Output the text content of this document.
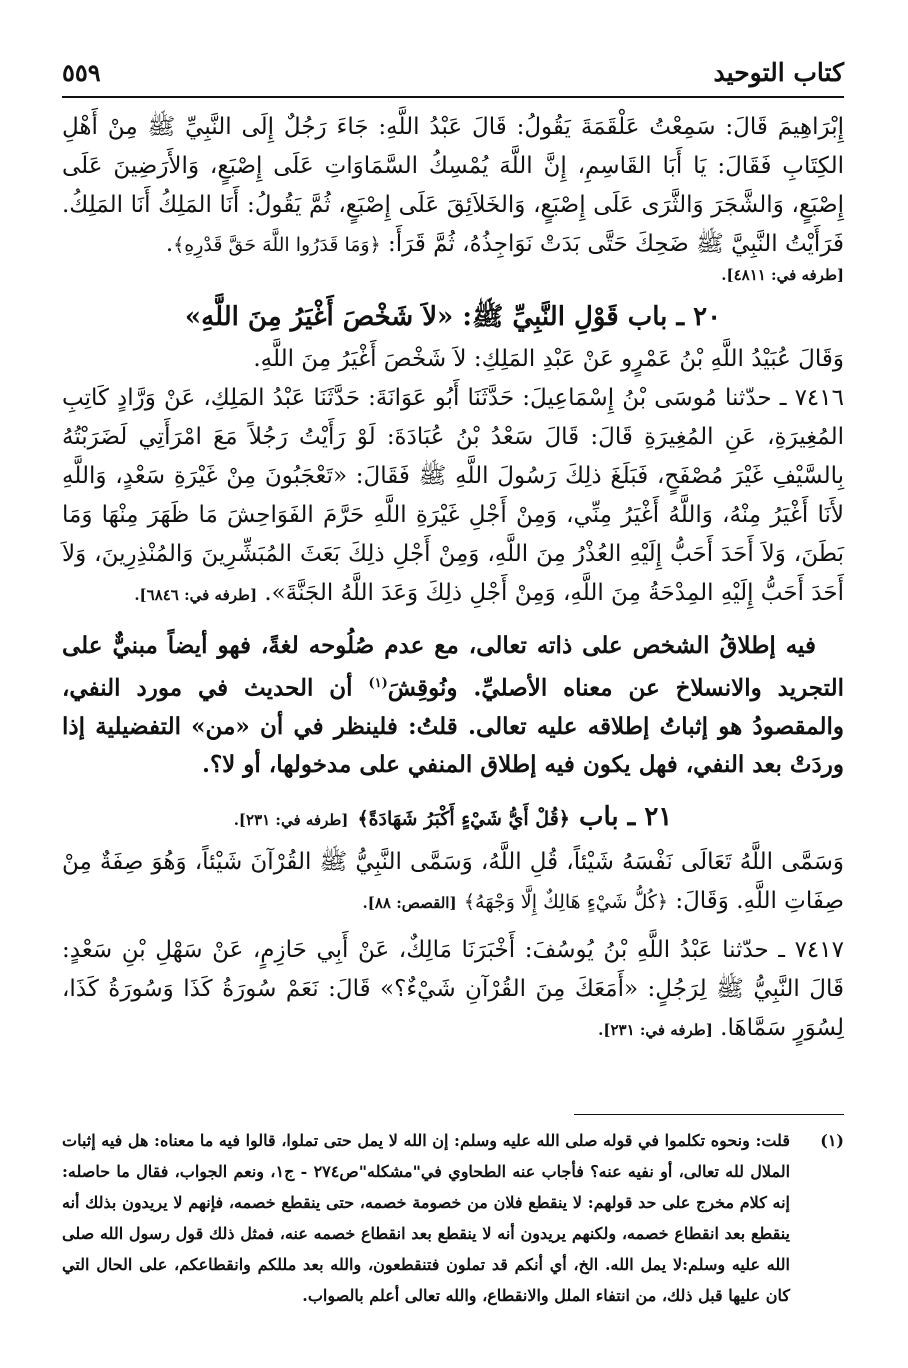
كتاب التوحيد
٥٥٩

إِبْرَاهِيمَ قَالَ: سَمِعْتُ عَلْقَمَةَ يَقُولُ: قَالَ عَبْدُ اللَّهِ: جَاءَ رَجُلٌ إِلَى النَّبِيِّ ﷺ مِنْ أَهْلِ الكِتَابِ فَقَالَ: يَا أَبَا القَاسِمِ، إِنَّ اللَّهَ يُمْسِكُ السَّمَاوَاتِ عَلَى إِصْبَعٍ، وَالأَرَضِينَ عَلَى إِصْبَعٍ، وَالشَّجَرَ وَالثَّرَى عَلَى إِصْبَعٍ، وَالخَلاَئِقَ عَلَى إِصْبَعٍ، ثُمَّ يَقُولُ: أَنَا المَلِكُ أَنَا المَلِكُ. فَرَأَيْتُ النَّبِيَّ ﷺ ضَحِكَ حَتَّى بَدَتْ نَوَاجِذُهُ، ثُمَّ قَرَأَ: ﴿وَمَا قَدَرُوا اللَّهَ حَقَّ قَدْرِهِ﴾.

[طرفه في: ٤٨١١].

٢٠ ـ باب قَوْلِ النَّبِيِّ ﷺ: «لاَ شَخْصَ أَغْيَرُ مِنَ اللَّهِ»

وَقَالَ عُبَيْدُ اللَّهِ بْنُ عَمْرٍو عَنْ عَبْدِ المَلِكِ: لاَ شَخْصَ أَغْيَرُ مِنَ اللَّهِ.

٧٤١٦ ـ حدّثنا مُوسَى بْنُ إِسْمَاعِيلَ: حَدَّثَنَا أَبُو عَوَانَةَ: حَدَّثَنَا عَبْدُ المَلِكِ، عَنْ وَرَّادٍ كَاتِبِ المُغِيرَةِ، عَنِ المُغِيرَةِ قَالَ: قَالَ سَعْدُ بْنُ عُبَادَةَ: لَوْ رَأَيْتُ رَجُلاً مَعَ امْرَأَتِي لَضَرَبْتُهُ بِالسَّيْفِ غَيْرَ مُصْفَحٍ، فَبَلَغَ ذلِكَ رَسُولَ اللَّهِ ﷺ فَقَالَ: «تَعْجَبُونَ مِنْ غَيْرَةِ سَعْدٍ، وَاللَّهِ لأَنَا أَغْيَرُ مِنْهُ، وَاللَّهُ أَغْيَرُ مِنِّي، وَمِنْ أَجْلِ غَيْرَةِ اللَّهِ حَرَّمَ الفَوَاحِشَ مَا ظَهَرَ مِنْهَا وَمَا بَطَنَ، وَلاَ أَحَدَ أَحَبُّ إِلَيْهِ العُذْرُ مِنَ اللَّهِ، وَمِنْ أَجْلِ ذلِكَ بَعَثَ المُبَشِّرِينَ وَالمُنْذِرِينَ، وَلاَ أَحَدَ أَحَبُّ إِلَيْهِ المِدْحَةُ مِنَ اللَّهِ، وَمِنْ أَجْلِ ذلِكَ وَعَدَ اللَّهُ الجَنَّةَ». [طرفه في: ٦٨٤٦].

فيه إطلاقُ الشخص على ذاته تعالى، مع عدم صُلُوحه لغةً، فهو أيضاً مبنيٌّ على التجريد والانسلاخ عن معناه الأصليِّ. ونُوقِشَ$^{(١)}$ أن الحديث في مورد النفي، والمقصودُ هو إثباتُ إطلاقه عليه تعالى. قلتُ: فلينظر في أن «من» التفضيلية إذا وردَتْ بعد النفي، فهل يكون فيه إطلاق المنفي على مدخولها، أو لا؟.

٢١ ـ باب ﴿قُلْ أَيُّ شَيْءٍ أَكْبَرُ شَهَادَةً﴾ [طرفه في: ٢٣١].

وَسَمَّى اللَّهُ تَعَالَى نَفْسَهُ شَيْئاً، قُلِ اللَّهُ، وَسَمَّى النَّبِيُّ ﷺ القُرْآنَ شَيْئاً، وَهُوَ صِفَةٌ مِنْ صِفَاتِ اللَّهِ. وَقَالَ: ﴿كُلُّ شَيْءٍ هَالِكٌ إِلَّا وَجْهَهُ﴾ [القصص: ٨٨].

٧٤١٧ ـ حدّثنا عَبْدُ اللَّهِ بْنُ يُوسُفَ: أَخْبَرَنَا مَالِكٌ، عَنْ أَبِي حَازِمٍ، عَنْ سَهْلِ بْنِ سَعْدٍ: قَالَ النَّبِيُّ ﷺ لِرَجُلٍ: «أَمَعَكَ مِنَ القُرْآنِ شَيْءٌ؟» قَالَ: نَعَمْ سُورَةُ كَذَا وَسُورَةُ كَذَا، لِسُوَرٍ سَمَّاهَا. [طرفه في: ٢٣١].

(١)
قلت: ونحوه تكلموا في قوله صلى الله عليه وسلم: إن الله لا يمل حتى تملوا، قالوا فيه ما معناه: هل فيه إثبات الملال لله تعالى، أو نفيه عنه؟ فأجاب عنه الطحاوي في"مشكله"ص٢٧٤ - ج١، ونعم الجواب، فقال ما حاصله: إنه كلام مخرج على حد قولهم: لا ينقطع فلان من خصومة خصمه، حتى ينقطع خصمه، فإنهم لا يريدون بذلك أنه ينقطع بعد انقطاع خصمه، ولكنهم يريدون أنه لا ينقطع بعد انقطاع خصمه عنه، فمثل ذلك قول رسول الله صلى الله عليه وسلم:لا يمل الله. الخ، أي أنكم قد تملون فتنقطعون، والله بعد مللكم وانقطاعكم، على الحال التي كان عليها قبل ذلك، من انتفاء الملل والانقطاع، والله تعالى أعلم بالصواب.
